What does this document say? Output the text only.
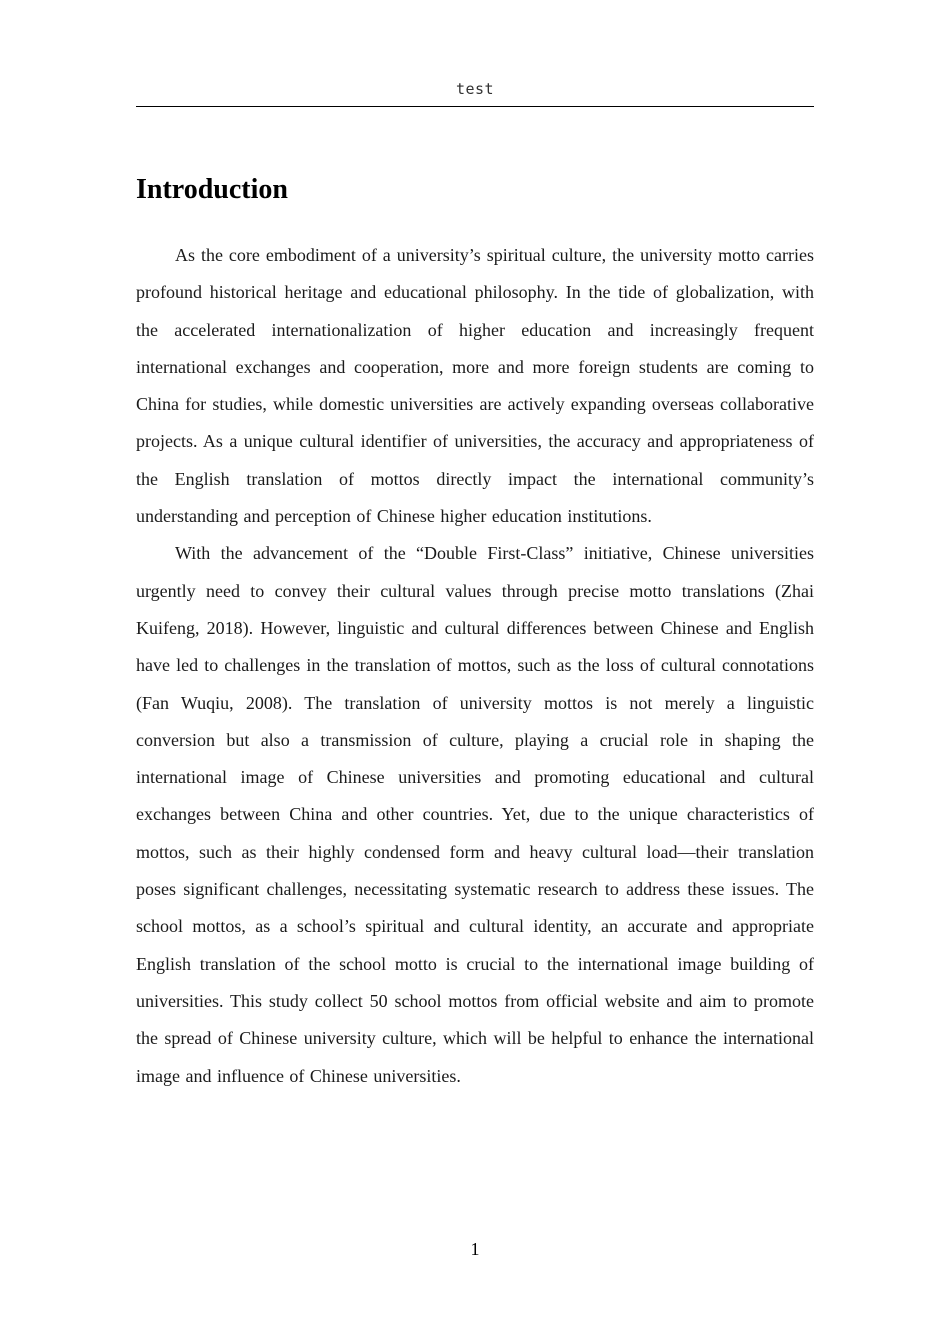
test
Introduction

As the core embodiment of a university’s spiritual culture, the university motto carries profound historical heritage and educational philosophy. In the tide of globalization, with the accelerated internationalization of higher education and increasingly frequent international exchanges and cooperation, more and more foreign students are coming to China for studies, while domestic universities are actively expanding overseas collaborative projects. As a unique cultural identifier of universities, the accuracy and appropriateness of the English translation of mottos directly impact the international community’s understanding and perception of Chinese higher education institutions.

With the advancement of the “Double First-Class” initiative, Chinese universities urgently need to convey their cultural values through precise motto translations (Zhai Kuifeng, 2018). However, linguistic and cultural differences between Chinese and English have led to challenges in the translation of mottos, such as the loss of cultural connotations (Fan Wuqiu, 2008). The translation of university mottos is not merely a linguistic conversion but also a transmission of culture, playing a crucial role in shaping the international image of Chinese universities and promoting educational and cultural exchanges between China and other countries. Yet, due to the unique characteristics of mottos, such as their highly condensed form and heavy cultural load—their translation poses significant challenges, necessitating systematic research to address these issues. The school mottos, as a school’s spiritual and cultural identity, an accurate and appropriate English translation of the school motto is crucial to the international image building of universities. This study collect 50 school mottos from official website and aim to promote the spread of Chinese university culture, which will be helpful to enhance the international image and influence of Chinese universities.

1
